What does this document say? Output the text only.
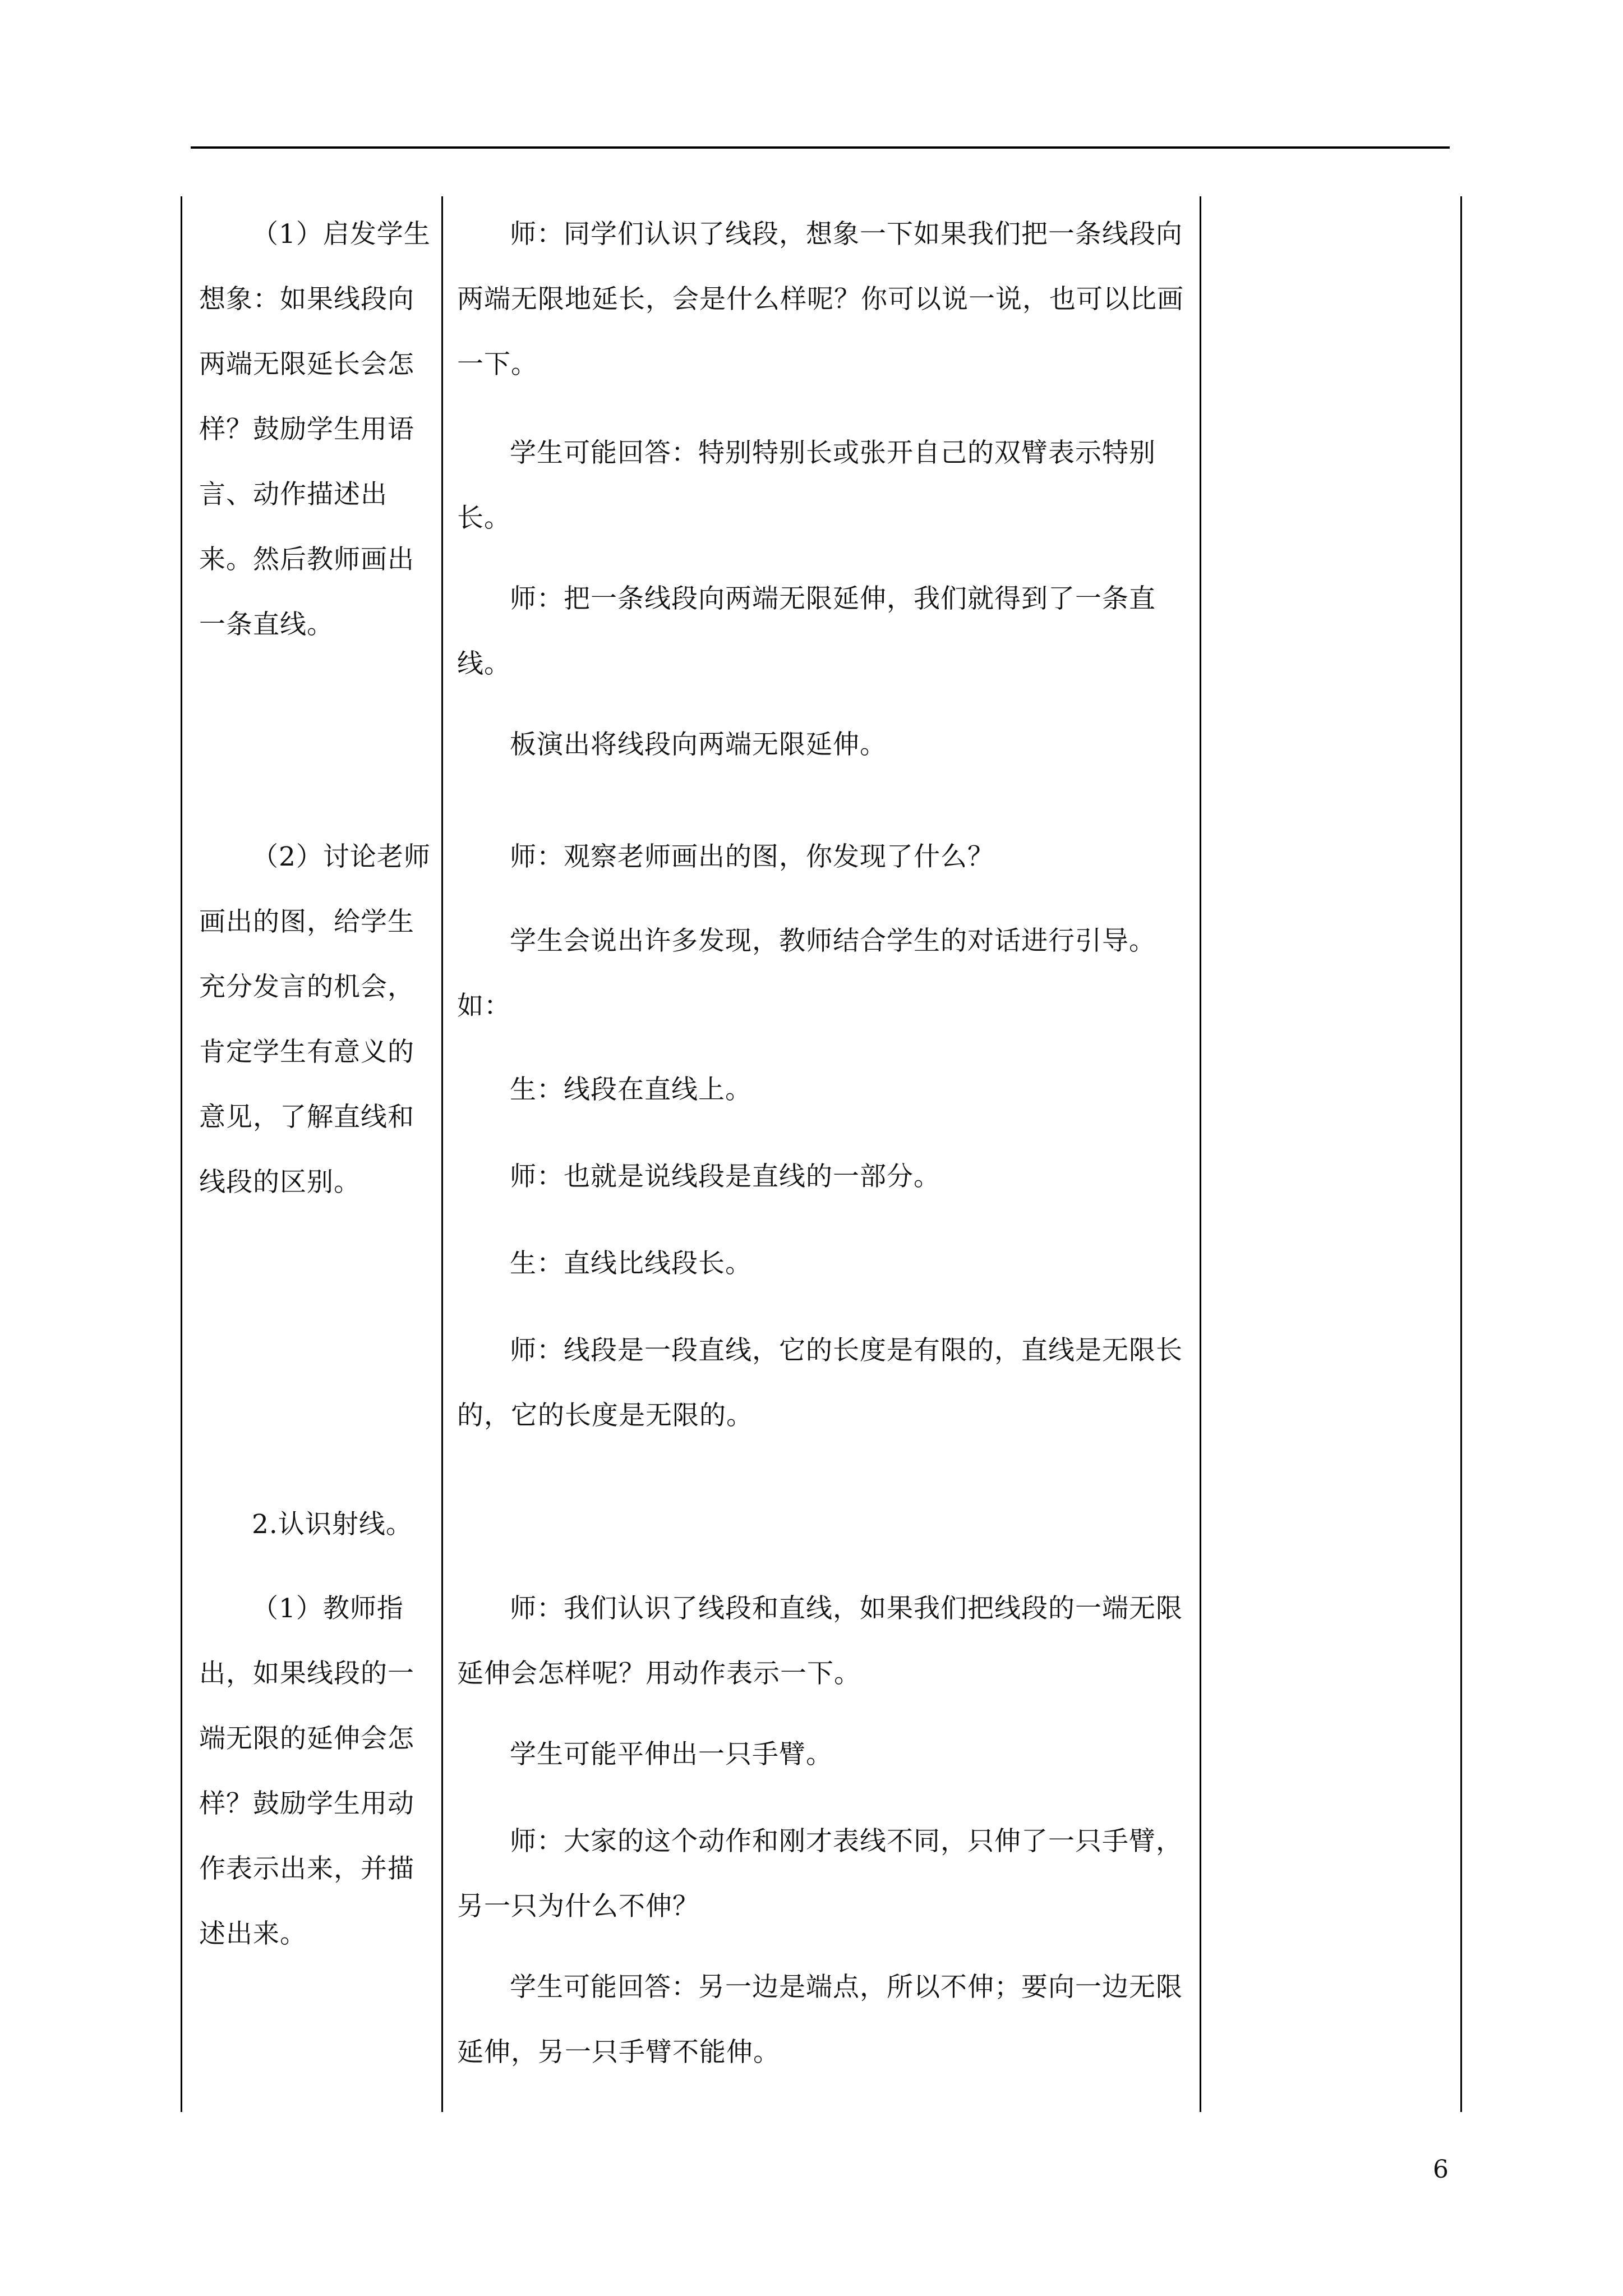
（1）启发学生想象：如果线段向两端无限延长会怎样？鼓励学生用语言、动作描述出来。然后教师画出一条直线。
（2）讨论老师画出的图，给学生充分发言的机会，肯定学生有意义的意见，了解直线和线段的区别。
2.认识射线。
（1）教师指出，如果线段的一端无限的延伸会怎样？鼓励学生用动作表示出来，并描述出来。
师：同学们认识了线段，想象一下如果我们把一条线段向两端无限地延长，会是什么样呢？你可以说一说，也可以比画一下。
学生可能回答：特别特别长或张开自己的双臂表示特别长。
师：把一条线段向两端无限延伸，我们就得到了一条直线。
板演出将线段向两端无限延伸。
师：观察老师画出的图，你发现了什么？
学生会说出许多发现，教师结合学生的对话进行引导。如：
生：线段在直线上。
师：也就是说线段是直线的一部分。
生：直线比线段长。
师：线段是一段直线，它的长度是有限的，直线是无限长的，它的长度是无限的。
师：我们认识了线段和直线，如果我们把线段的一端无限延伸会怎样呢？用动作表示一下。
学生可能平伸出一只手臂。
师：大家的这个动作和刚才表线不同，只伸了一只手臂，另一只为什么不伸？
学生可能回答：另一边是端点，所以不伸；要向一边无限延伸，另一只手臂不能伸。
6
